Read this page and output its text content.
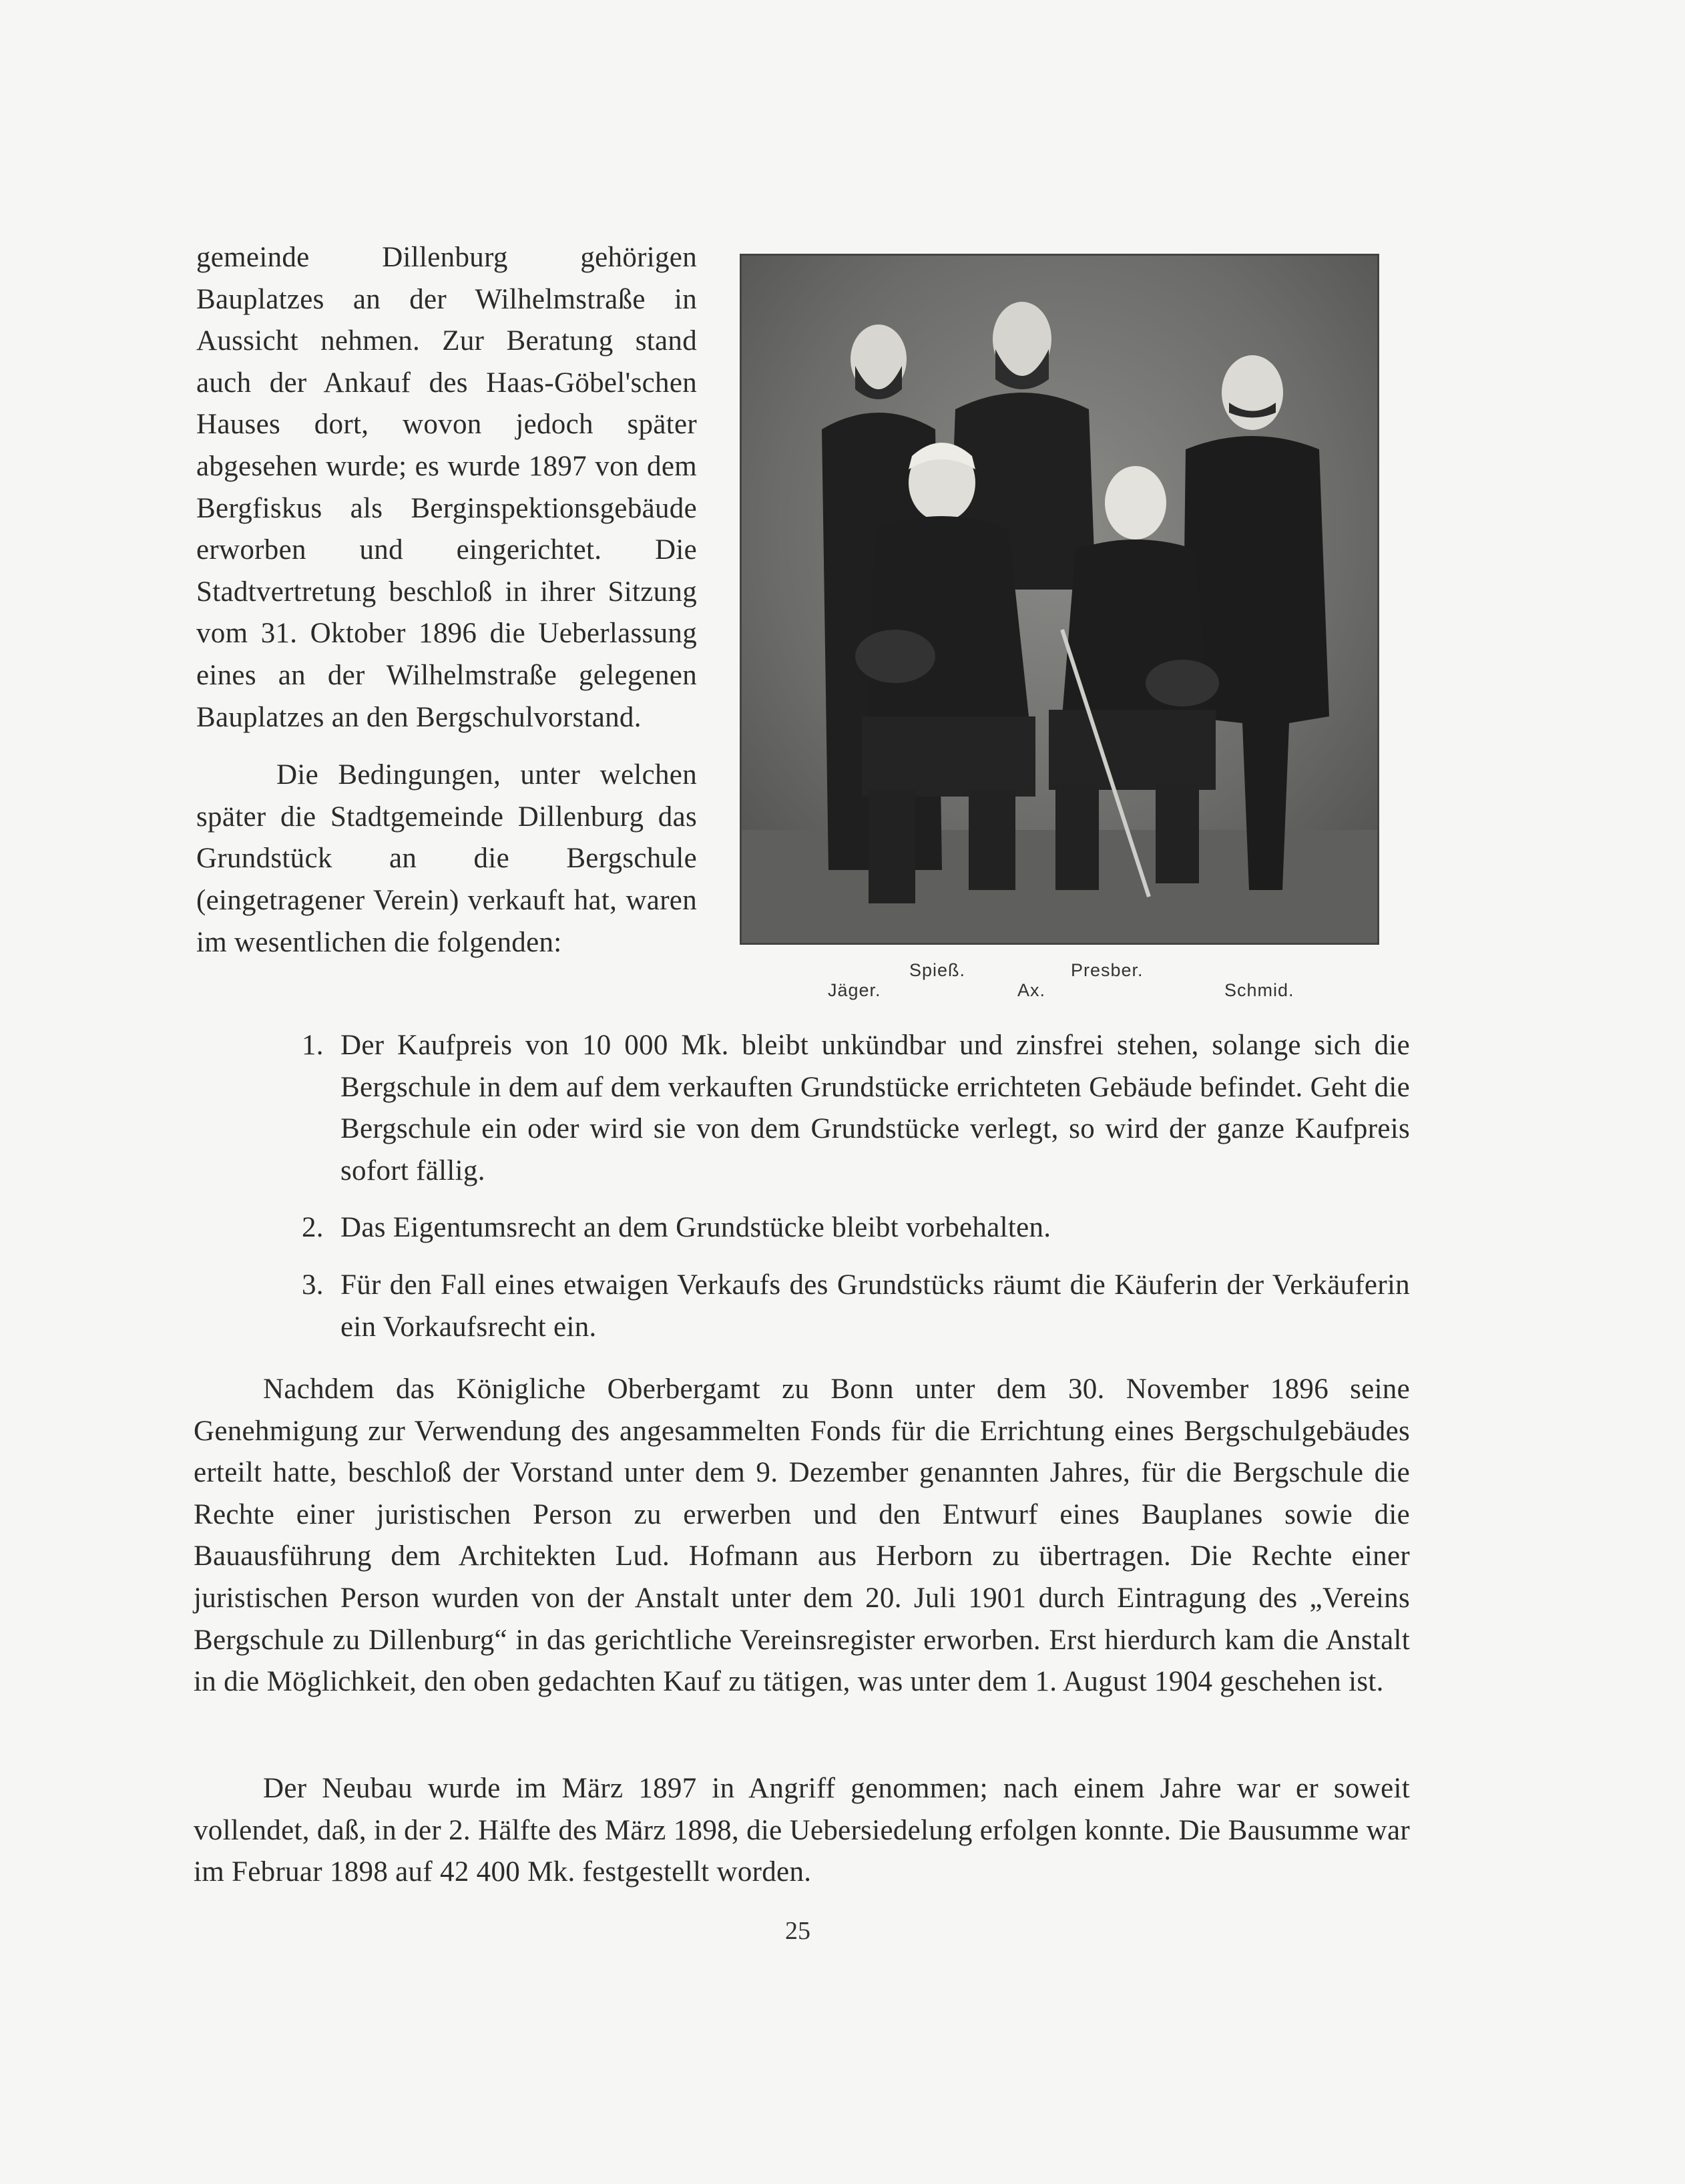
gemeinde Dillenburg gehörigen Bauplatzes an der Wilhelmstraße in Aussicht nehmen. Zur Beratung stand auch der Ankauf des Haas-Göbel'schen Hauses dort, wovon jedoch später abgesehen wurde; es wurde 1897 von dem Bergfiskus als Berginspektionsgebäude erworben und eingerichtet. Die Stadtvertretung beschloß in ihrer Sitzung vom 31. Oktober 1896 die Ueberlassung eines an der Wilhelmstraße gelegenen Bauplatzes an den Bergschulvorstand.

Die Bedingungen, unter welchen später die Stadtgemeinde Dillenburg das Grundstück an die Bergschule (eingetragener Verein) verkauft hat, waren im wesentlichen die folgenden:

Jäger.
Spieß.
Ax.
Presber.
Schmid.
1. Der Kaufpreis von 10 000 Mk. bleibt unkündbar und zinsfrei stehen, solange sich die Bergschule in dem auf dem verkauften Grundstücke errichteten Gebäude befindet. Geht die Bergschule ein oder wird sie von dem Grundstücke verlegt, so wird der ganze Kaufpreis sofort fällig.
2. Das Eigentumsrecht an dem Grundstücke bleibt vorbehalten.
3. Für den Fall eines etwaigen Verkaufs des Grundstücks räumt die Käuferin der Verkäuferin ein Vorkaufsrecht ein.

Nachdem das Königliche Oberbergamt zu Bonn unter dem 30. November 1896 seine Genehmigung zur Verwendung des angesammelten Fonds für die Errichtung eines Bergschulgebäudes erteilt hatte, beschloß der Vorstand unter dem 9. Dezember genannten Jahres, für die Bergschule die Rechte einer juristischen Person zu erwerben und den Entwurf eines Bauplanes sowie die Bauausführung dem Architekten Lud. Hofmann aus Herborn zu übertragen. Die Rechte einer juristischen Person wurden von der Anstalt unter dem 20. Juli 1901 durch Eintragung des „Vereins Bergschule zu Dillenburg“ in das gerichtliche Vereinsregister erworben. Erst hierdurch kam die Anstalt in die Möglichkeit, den oben gedachten Kauf zu tätigen, was unter dem 1. August 1904 geschehen ist.

Der Neubau wurde im März 1897 in Angriff genommen; nach einem Jahre war er soweit vollendet, daß, in der 2. Hälfte des März 1898, die Uebersiedelung erfolgen konnte. Die Bausumme war im Februar 1898 auf 42 400 Mk. festgestellt worden.

25
